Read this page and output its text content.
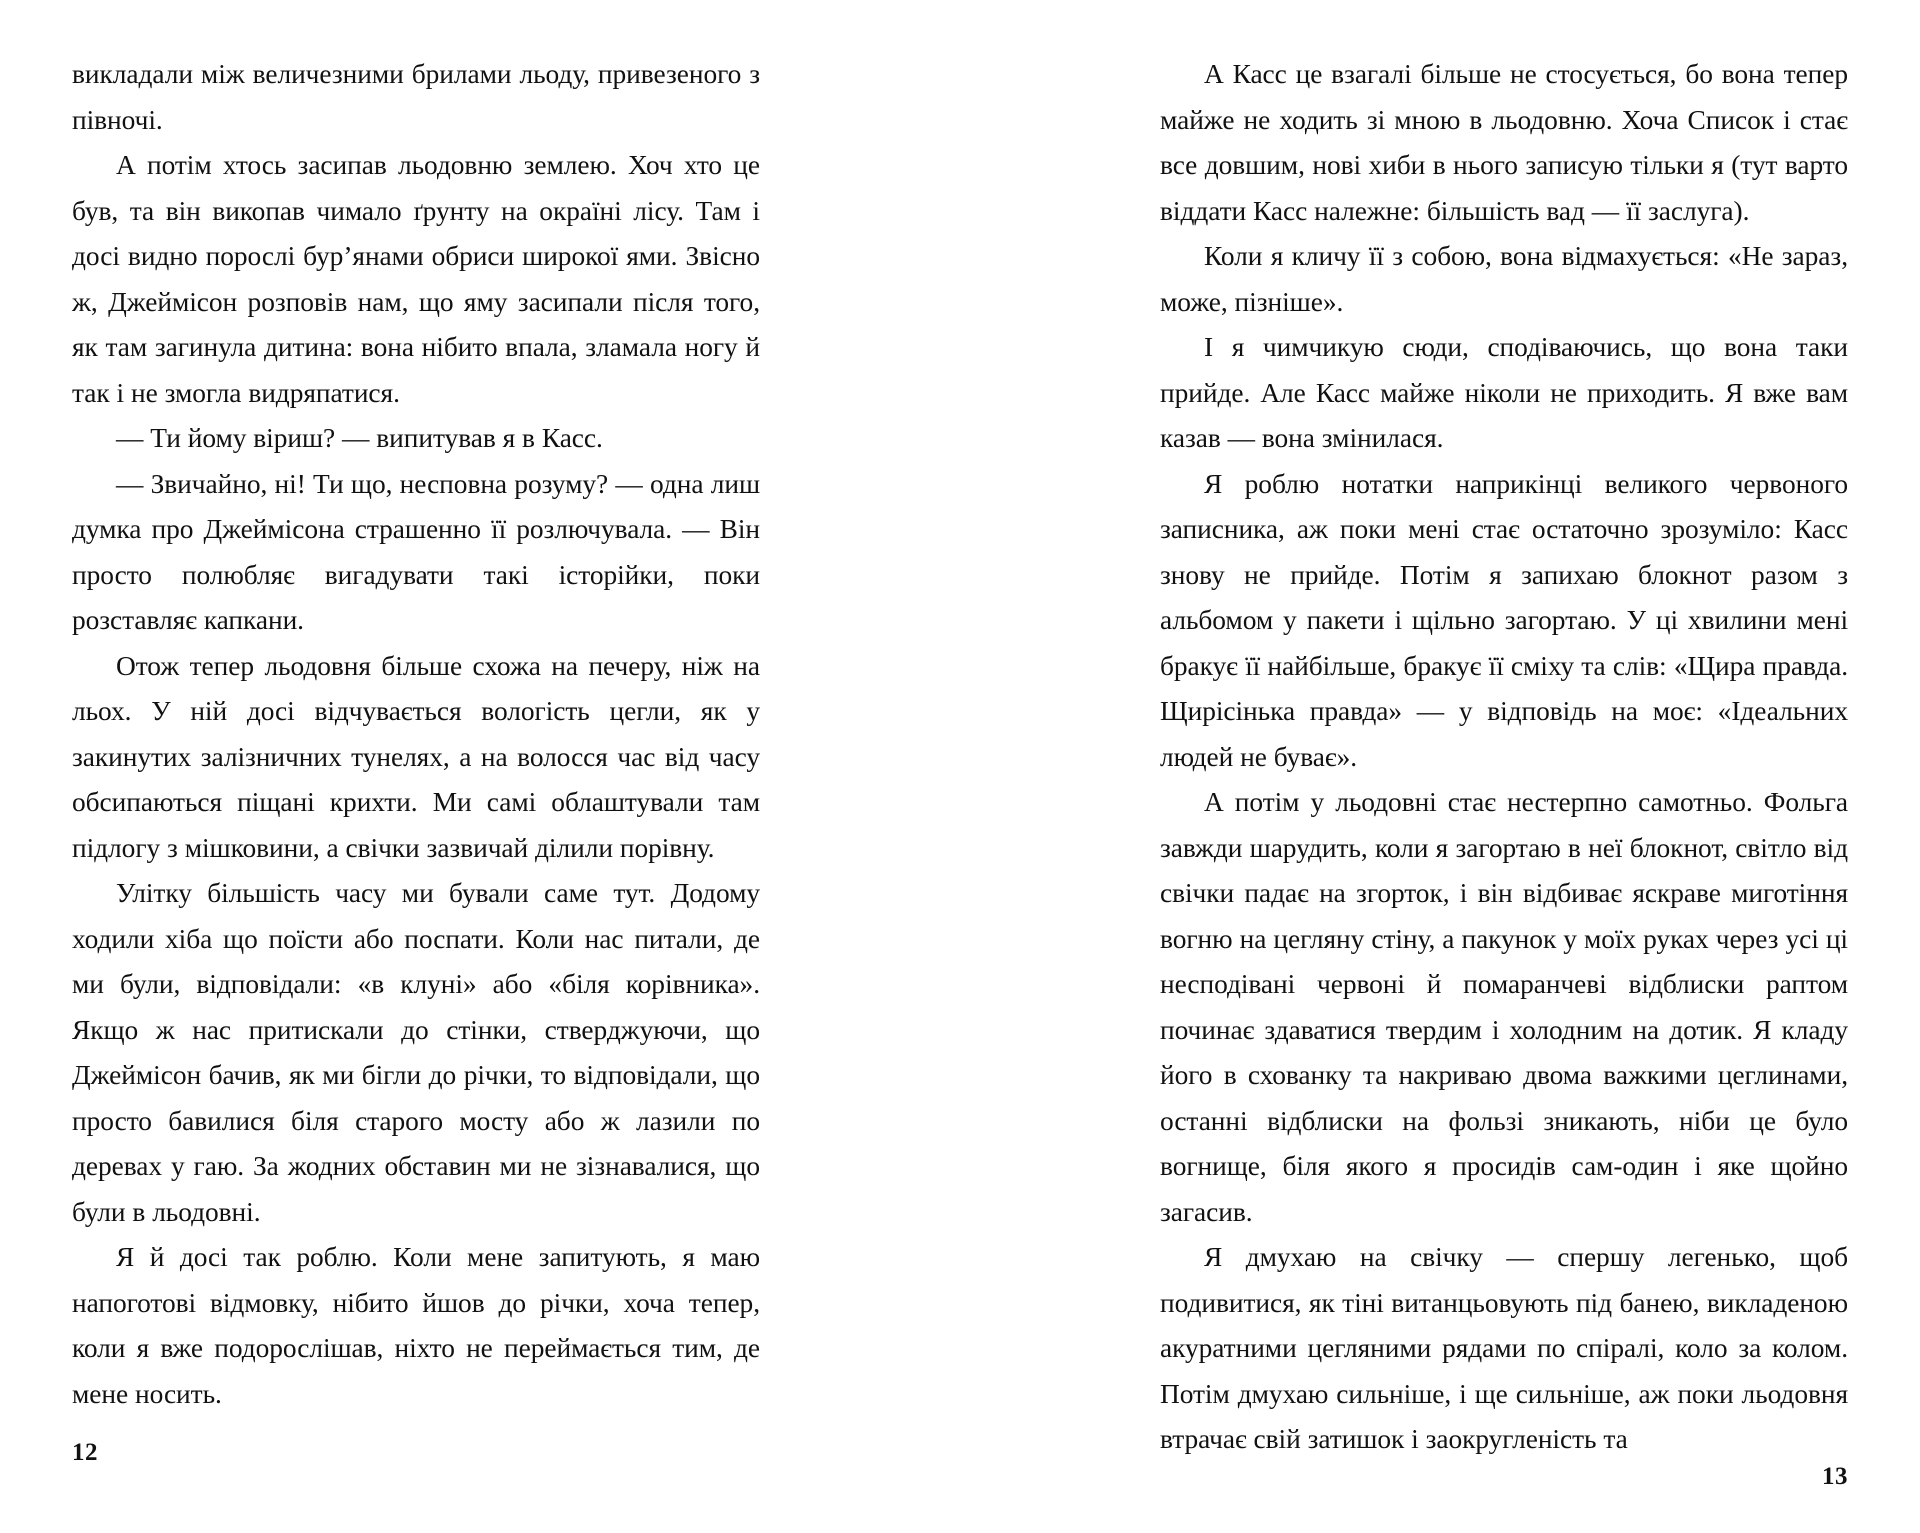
викладали між величезними брилами льоду, привезеного з півночі.

А потім хтось засипав льодовню землею. Хоч хто це був, та він викопав чимало ґрунту на окраїні лісу. Там і досі видно порослі бур’янами обриси широкої ями. Звісно ж, Джеймісон розповів нам, що яму засипали після того, як там загинула дитина: вона нібито впала, зламала ногу й так і не змогла видряпатися.

— Ти йому віриш? — випитував я в Касс.

— Звичайно, ні! Ти що, несповна розуму? — одна лиш думка про Джеймісона страшенно її розлючувала. — Він просто полюбляє вигадувати такі історійки, поки розставляє капкани.

Отож тепер льодовня більше схожа на печеру, ніж на льох. У ній досі відчувається вологість цегли, як у закинутих залізничних тунелях, а на волосся час від часу обсипаються піщані крихти. Ми самі облаштували там підлогу з мішковини, а свічки зазвичай ділили порівну.

Улітку більшість часу ми бували саме тут. Додому ходили хіба що поїсти або поспати. Коли нас питали, де ми були, відповідали: «в клуні» або «біля корівника». Якщо ж нас притискали до стінки, стверджуючи, що Джеймісон бачив, як ми бігли до річки, то відповідали, що просто бавилися біля старого мосту або ж лазили по деревах у гаю. За жодних обставин ми не зізнавалися, що були в льодовні.

Я й досі так роблю. Коли мене запитують, я маю напоготові відмовку, нібито йшов до річки, хоча тепер, коли я вже подорослішав, ніхто не переймається тим, де мене носить.

12

А Касс це взагалі більше не стосується, бо вона тепер майже не ходить зі мною в льодовню. Хоча Список і стає все довшим, нові хиби в нього записую тільки я (тут варто віддати Касс належне: більшість вад — її заслуга).

Коли я кличу її з собою, вона відмахується: «Не зараз, може, пізніше».

І я чимчикую сюди, сподіваючись, що вона таки прийде. Але Касс майже ніколи не приходить. Я вже вам казав — вона змінилася.

Я роблю нотатки наприкінці великого червоного записника, аж поки мені стає остаточно зрозуміло: Касс знову не прийде. Потім я запихаю блокнот разом з альбомом у пакети і щільно загортаю. У ці хвилини мені бракує її найбільше, бракує її сміху та слів: «Щира правда. Щирісінька правда» — у відповідь на моє: «Ідеальних людей не буває».

А потім у льодовні стає нестерпно самотньо. Фольга завжди шарудить, коли я загортаю в неї блокнот, світло від свічки падає на згорток, і він відбиває яскраве миготіння вогню на цегляну стіну, а пакунок у моїх руках через усі ці несподівані червоні й помаранчеві відблиски раптом починає здаватися твердим і холодним на дотик. Я кладу його в схованку та накриваю двома важкими цеглинами, останні відблиски на фользі зникають, ніби це було вогнище, біля якого я просидів сам-один і яке щойно загасив.

Я дмухаю на свічку — спершу легенько, щоб подивитися, як тіні витанцьовують під банею, викладеною акуратними цегляними рядами по спіралі, коло за колом. Потім дмухаю сильніше, і ще сильніше, аж поки льодовня втрачає свій затишок і заокругленість та

13
